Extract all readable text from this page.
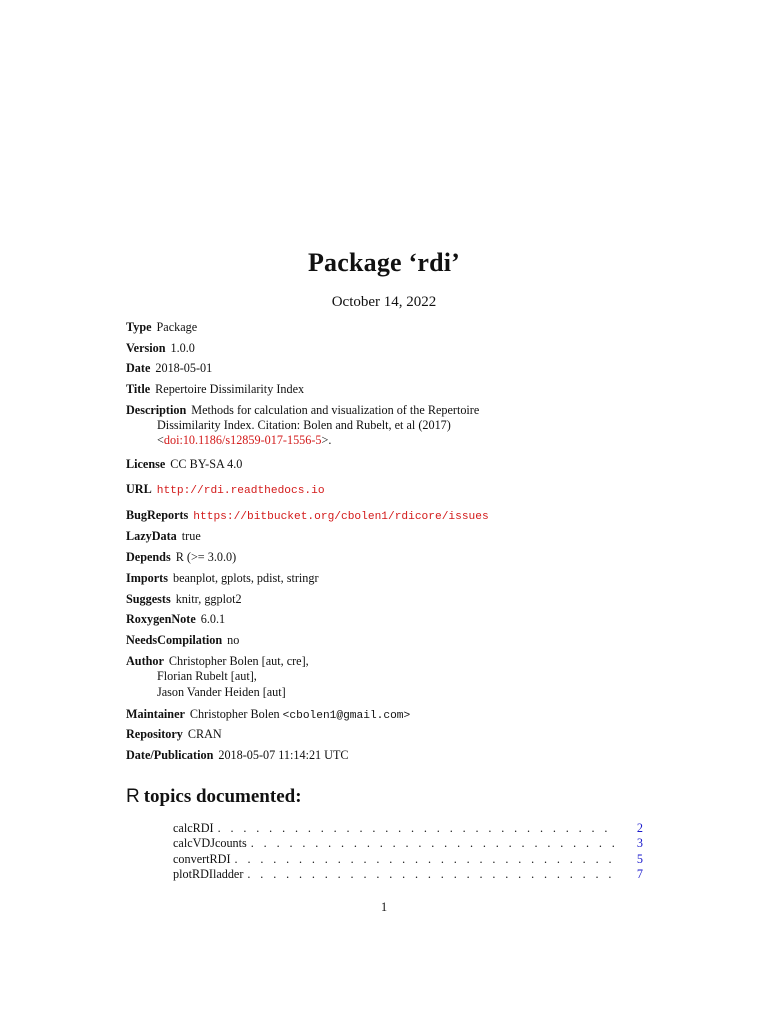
Package ‘rdi’
October 14, 2022
Type Package
Version 1.0.0
Date 2018-05-01
Title Repertoire Dissimilarity Index
Description Methods for calculation and visualization of the Repertoire
Dissimilarity Index. Citation: Bolen and Rubelt, et al (2017)
<doi:10.1186/s12859-017-1556-5>.
License CC BY-SA 4.0
URL http://rdi.readthedocs.io
BugReports https://bitbucket.org/cbolen1/rdicore/issues
LazyData true
Depends R (>= 3.0.0)
Imports beanplot, gplots, pdist, stringr
Suggests knitr, ggplot2
RoxygenNote 6.0.1
NeedsCompilation no
Author Christopher Bolen [aut, cre],
Florian Rubelt [aut],
Jason Vander Heiden [aut]
Maintainer Christopher Bolen <cbolen1@gmail.com>
Repository CRAN
Date/Publication 2018-05-07 11:14:21 UTC
R topics documented:
calcRDI . . .	2
calcVDJcounts . . .	3
convertRDI . . .	5
plotRDIladder . . .	7
1
